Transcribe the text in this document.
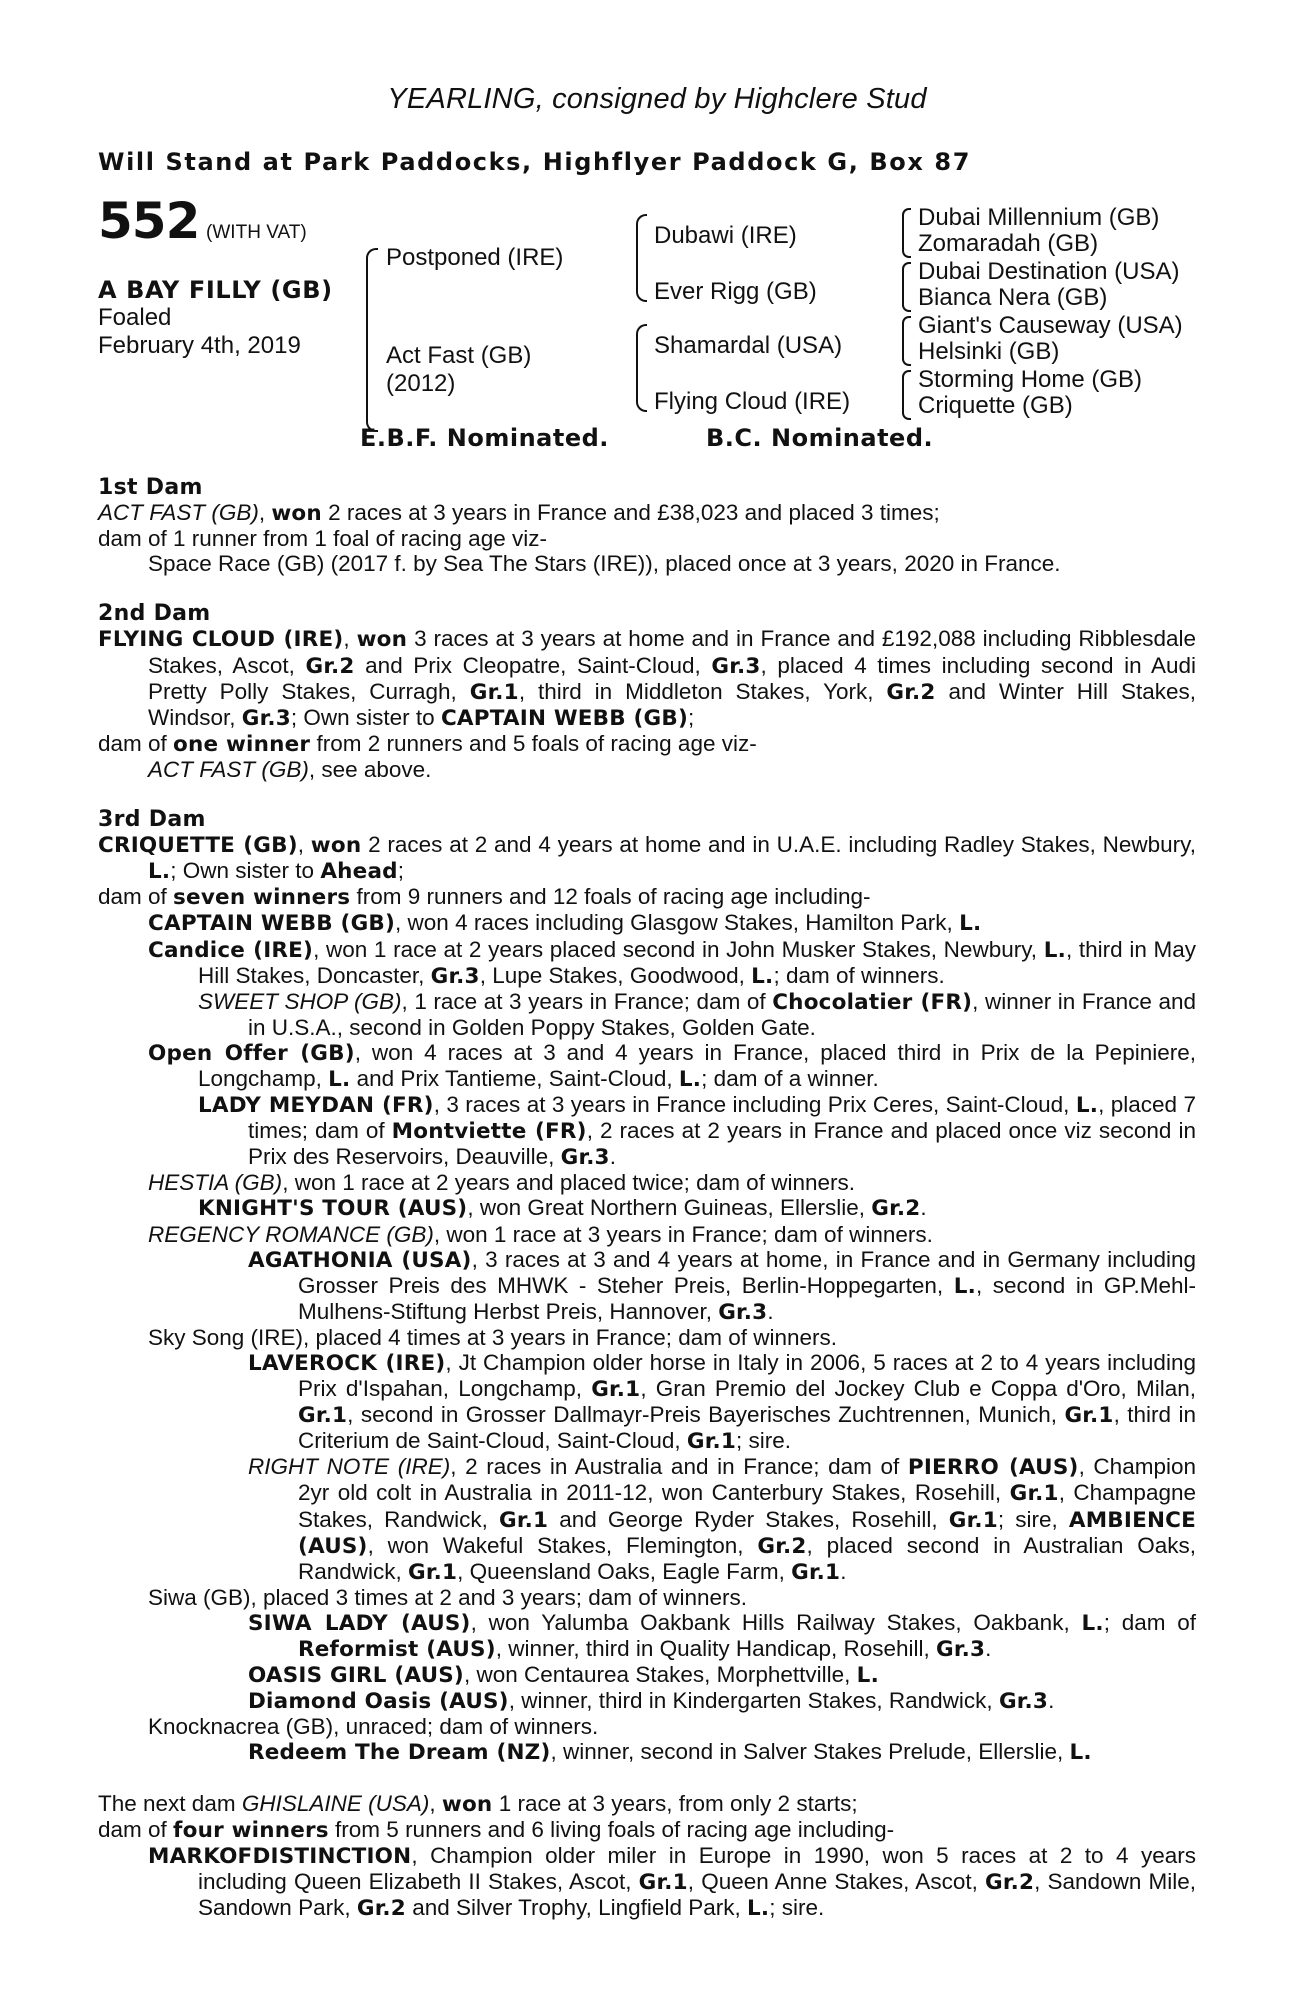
YEARLING, consigned by Highclere Stud
Will Stand at Park Paddocks, Highflyer Paddock G, Box 87
552 (WITH VAT)
A BAY FILLY (GB)
Foaled
February 4th, 2019
Postponed (IRE)
Act Fast (GB)
(2012)
Dubawi (IRE)
Ever Rigg (GB)
Shamardal (USA)
Flying Cloud (IRE)
Dubai Millennium (GB)
Zomaradah (GB)
Dubai Destination (USA)
Bianca Nera (GB)
Giant's Causeway (USA)
Helsinki (GB)
Storming Home (GB)
Criquette (GB)
E.B.F. Nominated.	B.C. Nominated.

1st Dam

ACT FAST (GB), won 2 races at 3 years in France and £38,023 and placed 3 times;

dam of 1 runner from 1 foal of racing age viz-

Space Race (GB) (2017 f. by Sea The Stars (IRE)), placed once at 3 years, 2020 in France.

2nd Dam

FLYING CLOUD (IRE), won 3 races at 3 years at home and in France and £192,088 including Ribblesdale Stakes, Ascot, Gr.2 and Prix Cleopatre, Saint-Cloud, Gr.3, placed 4 times including second in Audi Pretty Polly Stakes, Curragh, Gr.1, third in Middleton Stakes, York, Gr.2 and Winter Hill Stakes, Windsor, Gr.3; Own sister to CAPTAIN WEBB (GB);

dam of one winner from 2 runners and 5 foals of racing age viz-

ACT FAST (GB), see above.

3rd Dam

CRIQUETTE (GB), won 2 races at 2 and 4 years at home and in U.A.E. including Radley Stakes, Newbury, L.; Own sister to Ahead;

dam of seven winners from 9 runners and 12 foals of racing age including-

CAPTAIN WEBB (GB), won 4 races including Glasgow Stakes, Hamilton Park, L.

Candice (IRE), won 1 race at 2 years placed second in John Musker Stakes, Newbury, L., third in May Hill Stakes, Doncaster, Gr.3, Lupe Stakes, Goodwood, L.; dam of winners.

SWEET SHOP (GB), 1 race at 3 years in France; dam of Chocolatier (FR), winner in France and in U.S.A., second in Golden Poppy Stakes, Golden Gate.

Open Offer (GB), won 4 races at 3 and 4 years in France, placed third in Prix de la Pepiniere, Longchamp, L. and Prix Tantieme, Saint-Cloud, L.; dam of a winner.

LADY MEYDAN (FR), 3 races at 3 years in France including Prix Ceres, Saint-Cloud, L., placed 7 times; dam of Montviette (FR), 2 races at 2 years in France and placed once viz second in Prix des Reservoirs, Deauville, Gr.3.

HESTIA (GB), won 1 race at 2 years and placed twice; dam of winners.

KNIGHT'S TOUR (AUS), won Great Northern Guineas, Ellerslie, Gr.2.

REGENCY ROMANCE (GB), won 1 race at 3 years in France; dam of winners.

AGATHONIA (USA), 3 races at 3 and 4 years at home, in France and in Germany including Grosser Preis des MHWK - Steher Preis, Berlin-Hoppegarten, L., second in GP.Mehl-Mulhens-Stiftung Herbst Preis, Hannover, Gr.3.

Sky Song (IRE), placed 4 times at 3 years in France; dam of winners.

LAVEROCK (IRE), Jt Champion older horse in Italy in 2006, 5 races at 2 to 4 years including Prix d'Ispahan, Longchamp, Gr.1, Gran Premio del Jockey Club e Coppa d'Oro, Milan, Gr.1, second in Grosser Dallmayr-Preis Bayerisches Zuchtrennen, Munich, Gr.1, third in Criterium de Saint-Cloud, Saint-Cloud, Gr.1; sire.

RIGHT NOTE (IRE), 2 races in Australia and in France; dam of PIERRO (AUS), Champion 2yr old colt in Australia in 2011-12, won Canterbury Stakes, Rosehill, Gr.1, Champagne Stakes, Randwick, Gr.1 and George Ryder Stakes, Rosehill, Gr.1; sire, AMBIENCE (AUS), won Wakeful Stakes, Flemington, Gr.2, placed second in Australian Oaks, Randwick, Gr.1, Queensland Oaks, Eagle Farm, Gr.1.

Siwa (GB), placed 3 times at 2 and 3 years; dam of winners.

SIWA LADY (AUS), won Yalumba Oakbank Hills Railway Stakes, Oakbank, L.; dam of Reformist (AUS), winner, third in Quality Handicap, Rosehill, Gr.3.

OASIS GIRL (AUS), won Centaurea Stakes, Morphettville, L.

Diamond Oasis (AUS), winner, third in Kindergarten Stakes, Randwick, Gr.3.

Knocknacrea (GB), unraced; dam of winners.

Redeem The Dream (NZ), winner, second in Salver Stakes Prelude, Ellerslie, L.

The next dam GHISLAINE (USA), won 1 race at 3 years, from only 2 starts;

dam of four winners from 5 runners and 6 living foals of racing age including-

MARKOFDISTINCTION, Champion older miler in Europe in 1990, won 5 races at 2 to 4 years including Queen Elizabeth II Stakes, Ascot, Gr.1, Queen Anne Stakes, Ascot, Gr.2, Sandown Mile, Sandown Park, Gr.2 and Silver Trophy, Lingfield Park, L.; sire.
